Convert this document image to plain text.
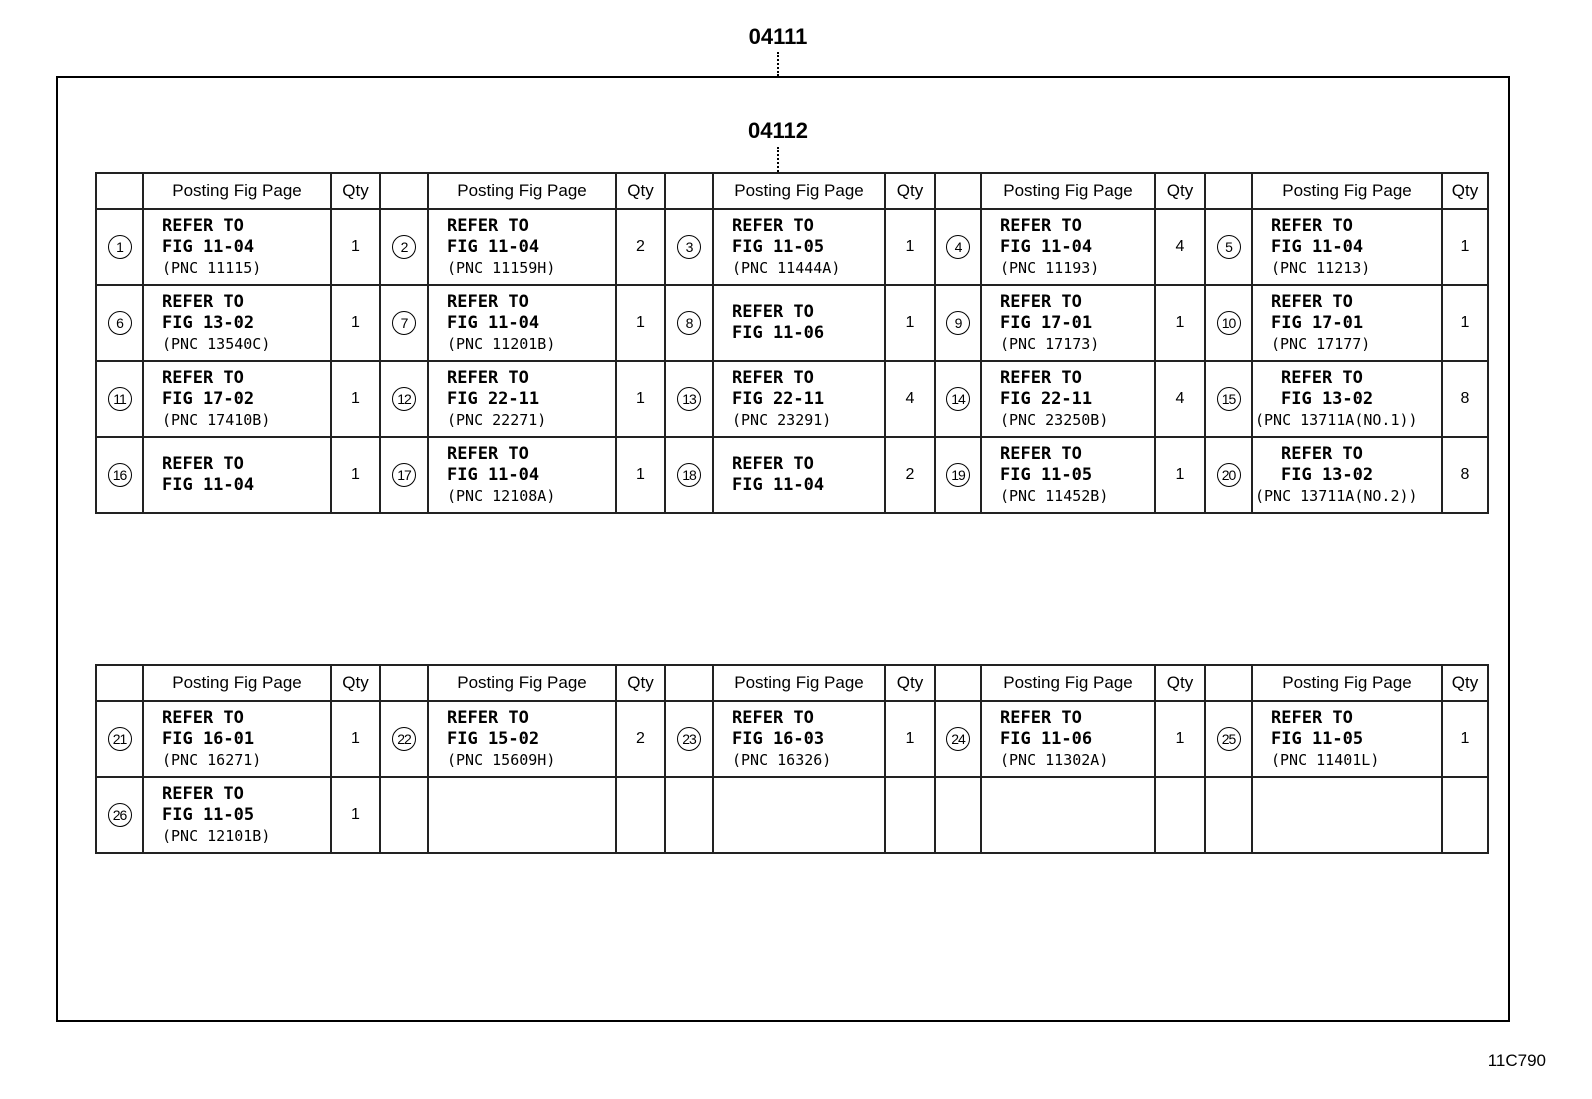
04111
04112
	Posting Fig Page	Qty		Posting Fig Page	Qty		Posting Fig Page	Qty		Posting Fig Page	Qty		Posting Fig Page	Qty
1	REFER TO
FIG 11-04
(PNC 11115)	1	2	REFER TO
FIG 11-04
(PNC 11159H)	2	3	REFER TO
FIG 11-05
(PNC 11444A)	1	4	REFER TO
FIG 11-04
(PNC 11193)	4	5	REFER TO
FIG 11-04
(PNC 11213)	1
6	REFER TO
FIG 13-02
(PNC 13540C)	1	7	REFER TO
FIG 11-04
(PNC 11201B)	1	8	REFER TO
FIG 11-06	1	9	REFER TO
FIG 17-01
(PNC 17173)	1	10	REFER TO
FIG 17-01
(PNC 17177)	1
11	REFER TO
FIG 17-02
(PNC 17410B)	1	12	REFER TO
FIG 22-11
(PNC 22271)	1	13	REFER TO
FIG 22-11
(PNC 23291)	4	14	REFER TO
FIG 22-11
(PNC 23250B)	4	15	REFER TO
FIG 13-02
(PNC 13711A(NO.1))	8
16	REFER TO
FIG 11-04	1	17	REFER TO
FIG 11-04
(PNC 12108A)	1	18	REFER TO
FIG 11-04	2	19	REFER TO
FIG 11-05
(PNC 11452B)	1	20	REFER TO
FIG 13-02
(PNC 13711A(NO.2))	8
	Posting Fig Page	Qty		Posting Fig Page	Qty		Posting Fig Page	Qty		Posting Fig Page	Qty		Posting Fig Page	Qty
21	REFER TO
FIG 16-01
(PNC 16271)	1	22	REFER TO
FIG 15-02
(PNC 15609H)	2	23	REFER TO
FIG 16-03
(PNC 16326)	1	24	REFER TO
FIG 11-06
(PNC 11302A)	1	25	REFER TO
FIG 11-05
(PNC 11401L)	1
26	REFER TO
FIG 11-05
(PNC 12101B)	1												
11C790
